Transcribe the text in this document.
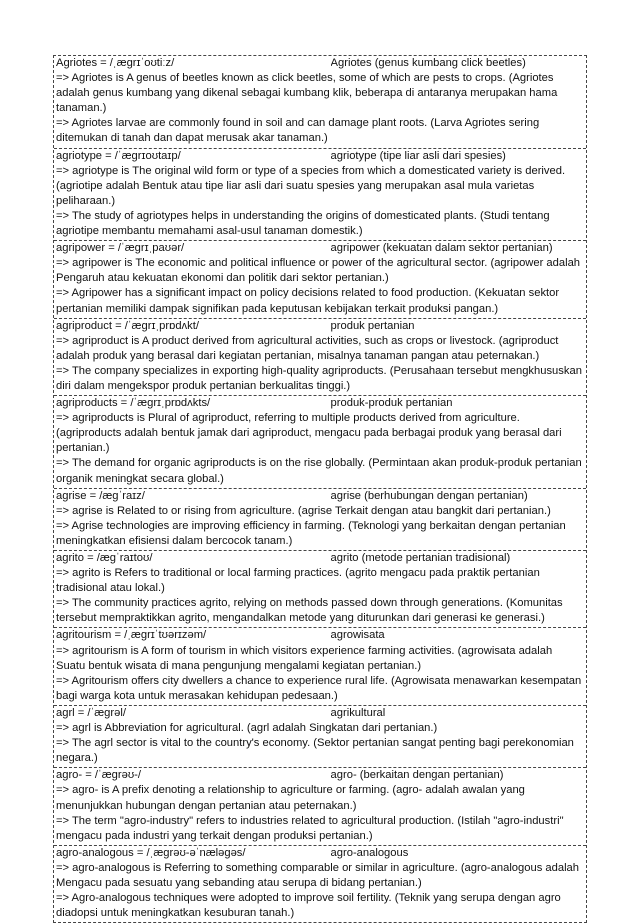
Agriotes = /ˌægrɪˈoʊtiːz/	Agriotes (genus kumbang click beetles)
=> Agriotes is A genus of beetles known as click beetles, some of which are pests to crops. (Agriotes adalah genus kumbang yang dikenal sebagai kumbang klik, beberapa di antaranya merupakan hama tanaman.)
=> Agriotes larvae are commonly found in soil and can damage plant roots. (Larva Agriotes sering ditemukan di tanah dan dapat merusak akar tanaman.)
agriotype = /ˈægrɪoʊtaɪp/	agriotype (tipe liar asli dari spesies)
=> agriotype is The original wild form or type of a species from which a domesticated variety is derived. (agriotipe adalah Bentuk atau tipe liar asli dari suatu spesies yang merupakan asal mula varietas peliharaan.)
=> The study of agriotypes helps in understanding the origins of domesticated plants. (Studi tentang agriotipe membantu memahami asal-usul tanaman domestik.)
agripower = /ˈægrɪˌpaʊər/	agripower (kekuatan dalam sektor pertanian)
=> agripower is The economic and political influence or power of the agricultural sector. (agripower adalah Pengaruh atau kekuatan ekonomi dan politik dari sektor pertanian.)
=> Agripower has a significant impact on policy decisions related to food production. (Kekuatan sektor pertanian memiliki dampak signifikan pada keputusan kebijakan terkait produksi pangan.)
agriproduct = /ˈægrɪˌprɒdʌkt/	produk pertanian
=> agriproduct is A product derived from agricultural activities, such as crops or livestock. (agriproduct adalah produk yang berasal dari kegiatan pertanian, misalnya tanaman pangan atau peternakan.)
=> The company specializes in exporting high-quality agriproducts. (Perusahaan tersebut mengkhususkan diri dalam mengekspor produk pertanian berkualitas tinggi.)
agriproducts = /ˈægrɪˌprɒdʌkts/	produk-produk pertanian
=> agriproducts is Plural of agriproduct, referring to multiple products derived from agriculture. (agriproducts adalah bentuk jamak dari agriproduct, mengacu pada berbagai produk yang berasal dari pertanian.)
=> The demand for organic agriproducts is on the rise globally. (Permintaan akan produk-produk pertanian organik meningkat secara global.)
agrise = /æɡˈraɪz/	agrise (berhubungan dengan pertanian)
=> agrise is Related to or rising from agriculture. (agrise Terkait dengan atau bangkit dari pertanian.)
=> Agrise technologies are improving efficiency in farming. (Teknologi yang berkaitan dengan pertanian meningkatkan efisiensi dalam bercocok tanam.)
agrito = /æɡˈraɪtoʊ/	agrito (metode pertanian tradisional)
=> agrito is Refers to traditional or local farming practices. (agrito mengacu pada praktik pertanian tradisional atau lokal.)
=> The community practices agrito, relying on methods passed down through generations. (Komunitas tersebut mempraktikkan agrito, mengandalkan metode yang diturunkan dari generasi ke generasi.)
agritourism = /ˌæɡrɪˈtʊərɪzəm/	agrowisata
=> agritourism is A form of tourism in which visitors experience farming activities. (agrowisata adalah Suatu bentuk wisata di mana pengunjung mengalami kegiatan pertanian.)
=> Agritourism offers city dwellers a chance to experience rural life. (Agrowisata menawarkan kesempatan bagi warga kota untuk merasakan kehidupan pedesaan.)
agrl = /ˈæɡrəl/	agrikultural
=> agrl is Abbreviation for agricultural. (agrl adalah Singkatan dari pertanian.)
=> The agrl sector is vital to the country's economy. (Sektor pertanian sangat penting bagi perekonomian negara.)
agro- = /ˈæɡrəʊ-/	agro- (berkaitan dengan pertanian)
=> agro- is A prefix denoting a relationship to agriculture or farming. (agro- adalah awalan yang menunjukkan hubungan dengan pertanian atau peternakan.)
=> The term "agro-industry" refers to industries related to agricultural production. (Istilah "agro-industri" mengacu pada industri yang terkait dengan produksi pertanian.)
agro-analogous = /ˌæɡrəʊ-əˈnæləɡəs/	agro-analogous
=> agro-analogous is Referring to something comparable or similar in agriculture. (agro-analogous adalah Mengacu pada sesuatu yang sebanding atau serupa di bidang pertanian.)
=> Agro-analogous techniques were adopted to improve soil fertility. (Teknik yang serupa dengan agro diadopsi untuk meningkatkan kesuburan tanah.)
